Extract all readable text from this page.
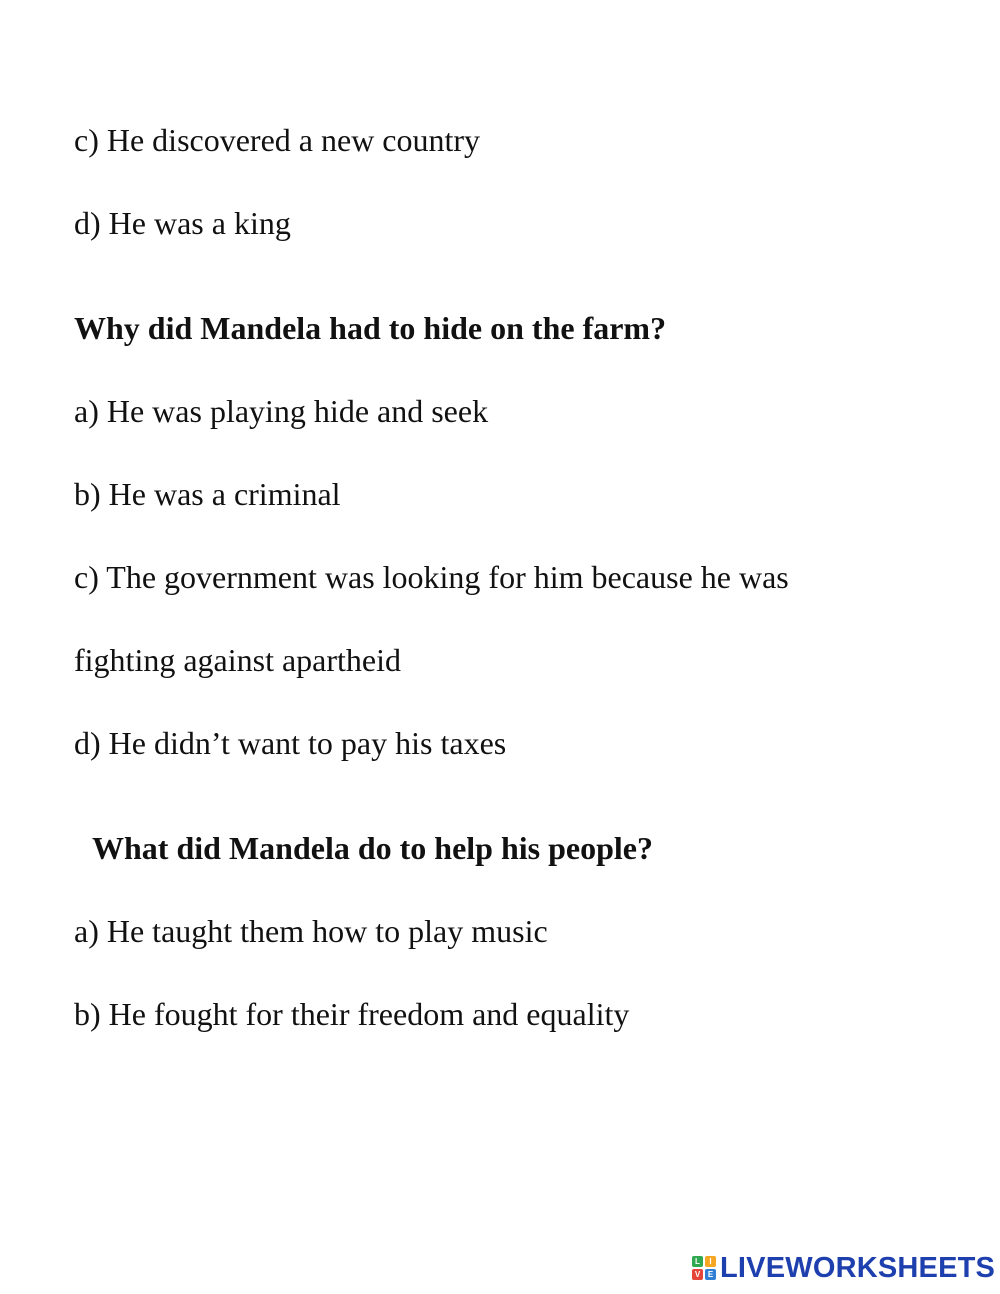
c) He discovered a new country
d) He was a king
Why did Mandela had to hide on the farm?
a) He was playing hide and seek
b) He was a criminal
c) The government was looking for him because he was
fighting against apartheid
d) He didn’t want to pay his taxes
What did Mandela do to help his people?
a) He taught them how to play music
b) He fought for their freedom and equality
L	I
V E LIVEWORKSHEETS
